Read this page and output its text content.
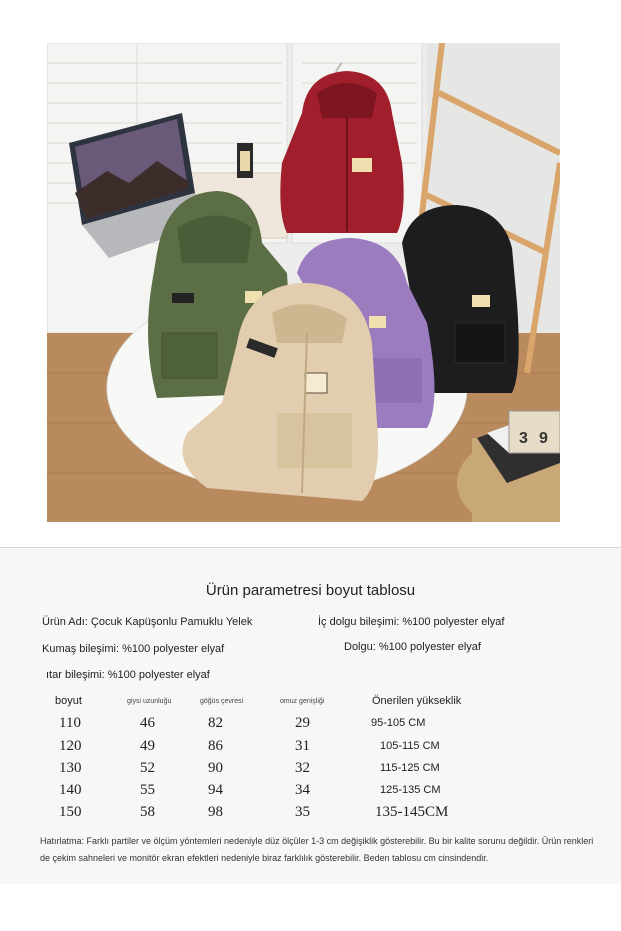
3 9
Ürün parametresi boyut tablosu
Ürün Adı: Çocuk Kapüşonlu Pamuklu Yelek	İç dolgu bileşimi: %100 polyester elyaf
Kumaş bileşimi: %100 polyester elyaf	Dolgu: %100 polyester elyaf
ıtar bileşimi: %100 polyester elyaf
boyut	giysi uzunluğu	göğüs çevresi	omuz genişliği	Önerilen yükseklik
110	46	82	29	95-105 CM
120	49	86	31	105-115 CM
130	52	90	32	115-125 CM
140	55	94	34	125-135 CM
150	58	98	35	135-145CM
Hatırlatma: Farklı partiler ve ölçüm yöntemleri nedeniyle düz ölçüler 1-3 cm değişiklik gösterebilir. Bu bir kalite sorunu değildir. Ürün renkleri de çekim sahneleri ve monitör ekran efektleri nedeniyle biraz farklılık gösterebilir. Beden tablosu cm cinsindendir.
